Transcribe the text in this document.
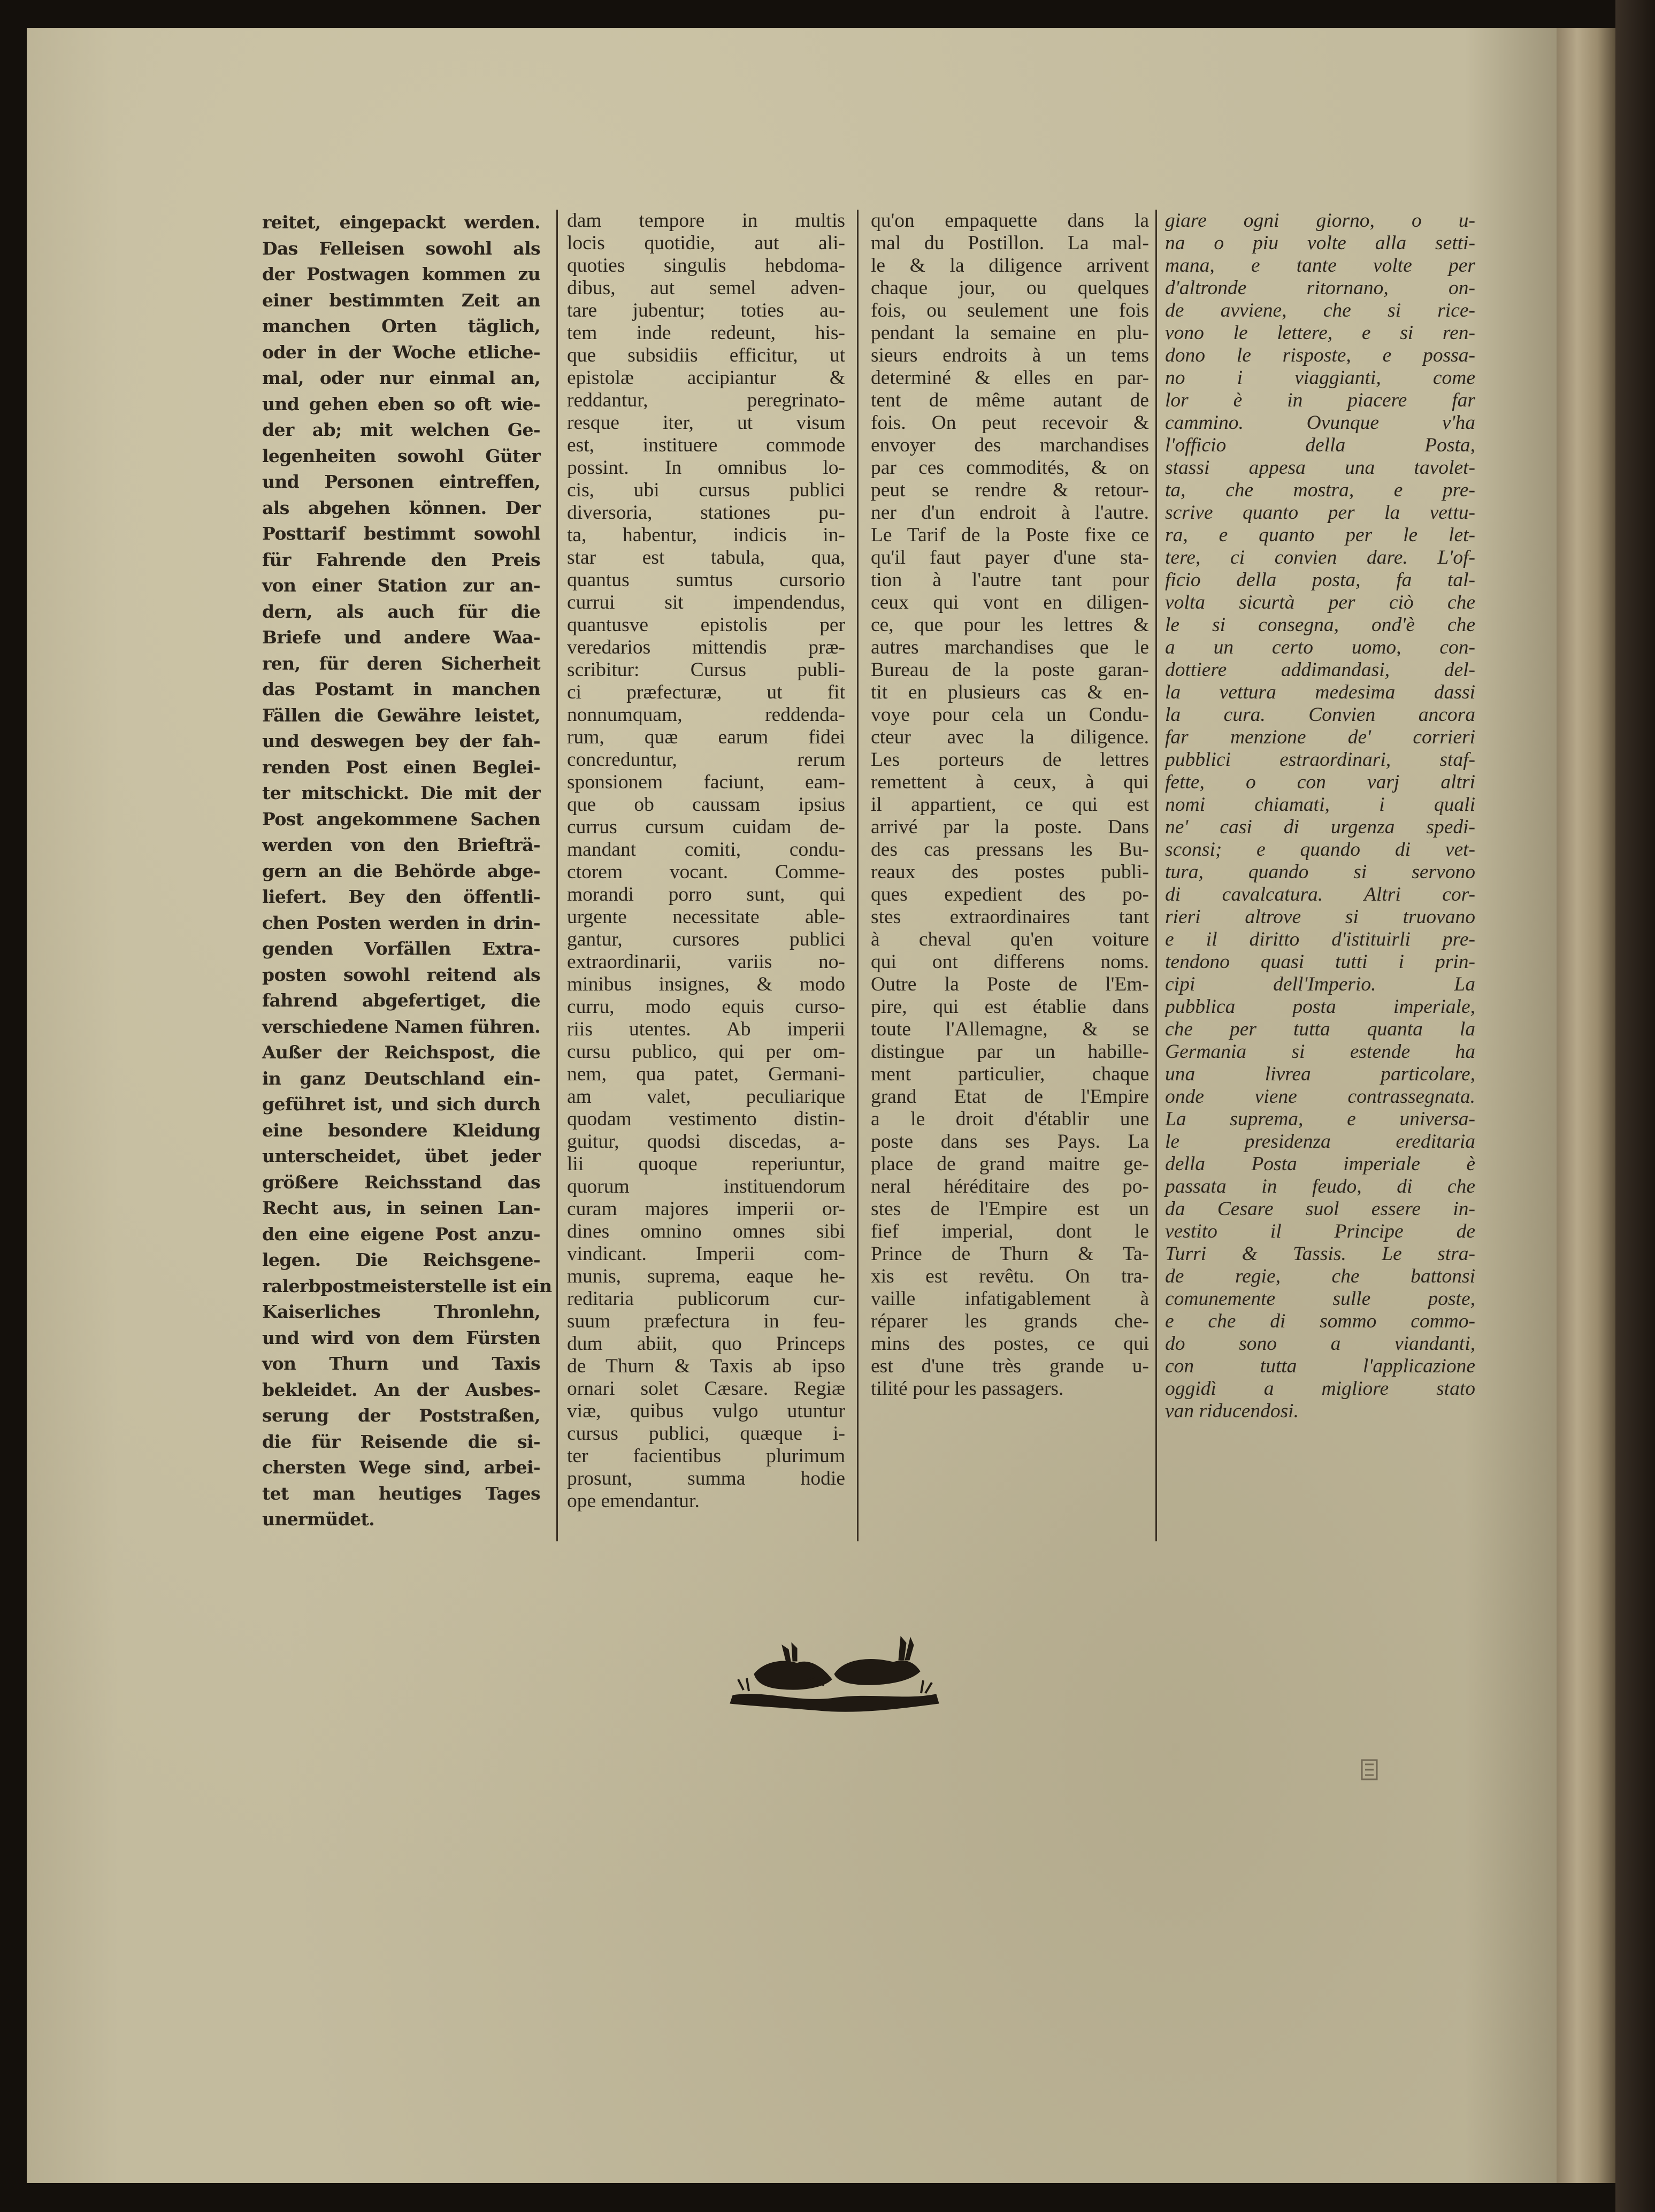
reitet, eingepackt werden.
Das Felleisen sowohl als
der Postwagen kommen zu
einer bestimmten Zeit an
manchen Orten täglich,
oder in der Woche etliche-
mal, oder nur einmal an,
und gehen eben so oft wie-
der ab; mit welchen Ge-
legenheiten sowohl Güter
und Personen eintreffen,
als abgehen können. Der
Posttarif bestimmt sowohl
für Fahrende den Preis
von einer Station zur an-
dern, als auch für die
Briefe und andere Waa-
ren, für deren Sicherheit
das Postamt in manchen
Fällen die Gewähre leistet,
und deswegen bey der fah-
renden Post einen Beglei-
ter mitschickt. Die mit der
Post angekommene Sachen
werden von den Briefträ-
gern an die Behörde abge-
liefert. Bey den öffentli-
chen Posten werden in drin-
genden Vorfällen Extra-
posten sowohl reitend als
fahrend abgefertiget, die
verschiedene Namen führen.
Außer der Reichspost, die
in ganz Deutschland ein-
geführet ist, und sich durch
eine besondere Kleidung
unterscheidet, übet jeder
größere Reichsstand das
Recht aus, in seinen Lan-
den eine eigene Post anzu-
legen. Die Reichsgene-
ralerbpostmeisterstelle ist ein
Kaiserliches Thronlehn,
und wird von dem Fürsten
von Thurn und Taxis
bekleidet. An der Ausbes-
serung der Poststraßen,
die für Reisende die si-
chersten Wege sind, arbei-
tet man heutiges Tages
unermüdet.
dam tempore in multis
locis quotidie, aut ali-
quoties singulis hebdoma-
dibus, aut semel adven-
tare jubentur; toties au-
tem inde redeunt, his-
que subsidiis efficitur, ut
epistolæ accipiantur &
reddantur, peregrinato-
resque iter, ut visum
est, instituere commode
possint. In omnibus lo-
cis, ubi cursus publici
diversoria, stationes pu-
ta, habentur, indicis in-
star est tabula, qua,
quantus sumtus cursorio
currui sit impendendus,
quantusve epistolis per
veredarios mittendis præ-
scribitur: Cursus publi-
ci præfecturæ, ut fit
nonnumquam, reddenda-
rum, quæ earum fidei
concreduntur, rerum
sponsionem faciunt, eam-
que ob caussam ipsius
currus cursum cuidam de-
mandant comiti, condu-
ctorem vocant. Comme-
morandi porro sunt, qui
urgente necessitate able-
gantur, cursores publici
extraordinarii, variis no-
minibus insignes, & modo
curru, modo equis curso-
riis utentes. Ab imperii
cursu publico, qui per om-
nem, qua patet, Germani-
am valet, peculiarique
quodam vestimento distin-
guitur, quodsi discedas, a-
lii quoque reperiuntur,
quorum instituendorum
curam majores imperii or-
dines omnino omnes sibi
vindicant. Imperii com-
munis, suprema, eaque he-
reditaria publicorum cur-
suum præfectura in feu-
dum abiit, quo Princeps
de Thurn & Taxis ab ipso
ornari solet Cæsare. Regiæ
viæ, quibus vulgo utuntur
cursus publici, quæque i-
ter facientibus plurimum
prosunt, summa hodie
ope emendantur.
qu'on empaquette dans la
mal du Postillon. La mal-
le & la diligence arrivent
chaque jour, ou quelques
fois, ou seulement une fois
pendant la semaine en plu-
sieurs endroits à un tems
determiné & elles en par-
tent de même autant de
fois. On peut recevoir &
envoyer des marchandises
par ces commodités, & on
peut se rendre & retour-
ner d'un endroit à l'autre.
Le Tarif de la Poste fixe ce
qu'il faut payer d'une sta-
tion à l'autre tant pour
ceux qui vont en diligen-
ce, que pour les lettres &
autres marchandises que le
Bureau de la poste garan-
tit en plusieurs cas & en-
voye pour cela un Condu-
cteur avec la diligence.
Les porteurs de lettres
remettent à ceux, à qui
il appartient, ce qui est
arrivé par la poste. Dans
des cas pressans les Bu-
reaux des postes publi-
ques expedient des po-
stes extraordinaires tant
à cheval qu'en voiture
qui ont differens noms.
Outre la Poste de l'Em-
pire, qui est établie dans
toute l'Allemagne, & se
distingue par un habille-
ment particulier, chaque
grand Etat de l'Empire
a le droit d'établir une
poste dans ses Pays. La
place de grand maitre ge-
neral héréditaire des po-
stes de l'Empire est un
fief imperial, dont le
Prince de Thurn & Ta-
xis est revêtu. On tra-
vaille infatigablement à
réparer les grands che-
mins des postes, ce qui
est d'une très grande u-
tilité pour les passagers.
giare ogni giorno, o u-
na o piu volte alla setti-
mana, e tante volte per
d'altronde ritornano, on-
de avviene, che si rice-
vono le lettere, e si ren-
dono le risposte, e possa-
no i viaggianti, come
lor è in piacere far
cammino. Ovunque v'ha
l'officio della Posta,
stassi appesa una tavolet-
ta, che mostra, e pre-
scrive quanto per la vettu-
ra, e quanto per le let-
tere, ci convien dare. L'of-
ficio della posta, fa tal-
volta sicurtà per ciò che
le si consegna, ond'è che
a un certo uomo, con-
dottiere addimandasi, del-
la vettura medesima dassi
la cura. Convien ancora
far menzione de' corrieri
pubblici estraordinari, staf-
fette, o con varj altri
nomi chiamati, i quali
ne' casi di urgenza spedi-
sconsi; e quando di vet-
tura, quando si servono
di cavalcatura. Altri cor-
rieri altrove si truovano
e il diritto d'istituirli pre-
tendono quasi tutti i prin-
cipi dell'Imperio. La
pubblica posta imperiale,
che per tutta quanta la
Germania si estende ha
una livrea particolare,
onde viene contrassegnata.
La suprema, e universa-
le presidenza ereditaria
della Posta imperiale è
passata in feudo, di che
da Cesare suol essere in-
vestito il Principe de
Turri & Tassis. Le stra-
de regie, che battonsi
comunemente sulle poste,
e che di sommo commo-
do sono a viandanti,
con tutta l'applicazione
oggidì a migliore stato
van riducendosi.
